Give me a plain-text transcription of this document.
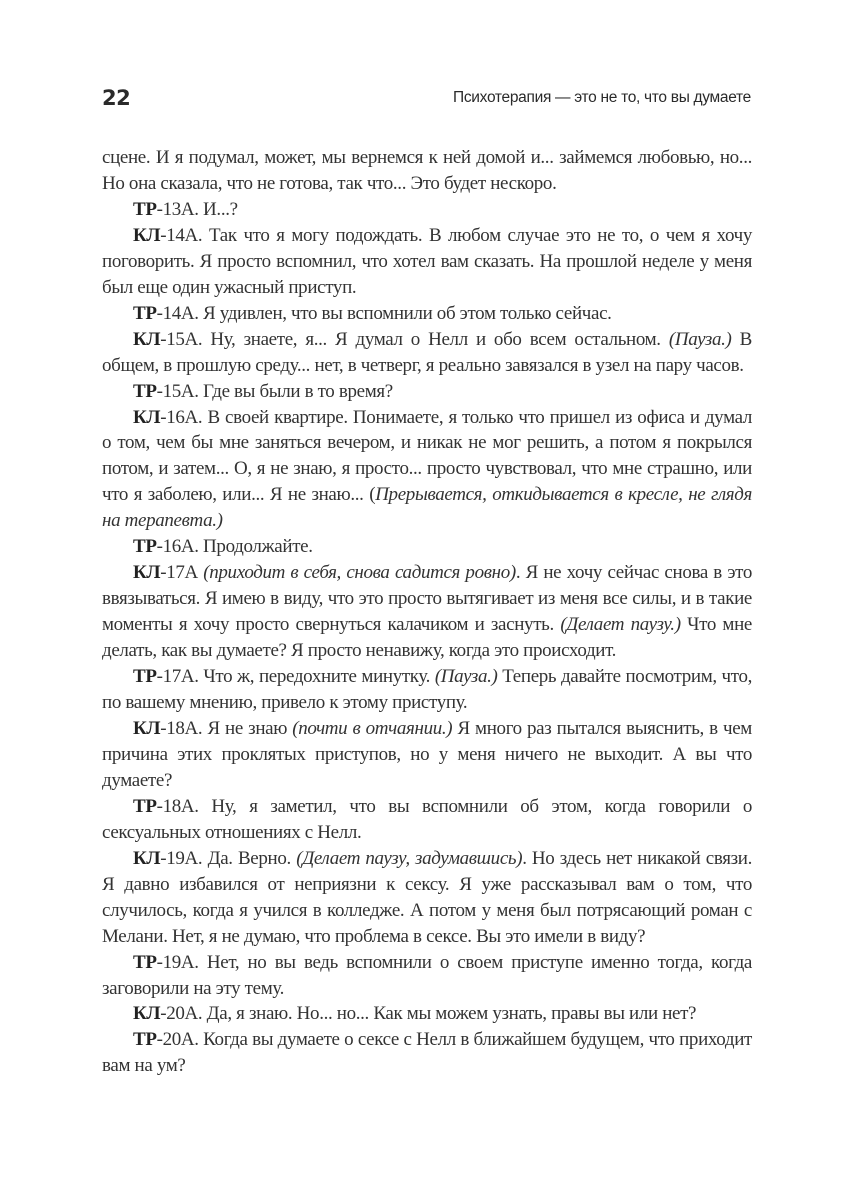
22	Психотерапия — это не то, что вы думаете

сцене. И я подумал, может, мы вернемся к ней домой и... займемся любовью, но... Но она сказала, что не готова, так что... Это будет нескоро.

ТР-13А. И...?

КЛ-14А. Так что я могу подождать. В любом случае это не то, о чем я хочу поговорить. Я просто вспомнил, что хотел вам сказать. На прошлой неделе у меня был еще один ужасный приступ.

ТР-14А. Я удивлен, что вы вспомнили об этом только сейчас.

КЛ-15А. Ну, знаете, я... Я думал о Нелл и обо всем остальном. (Пауза.) В общем, в прошлую среду... нет, в четверг, я реально завязался в узел на пару часов.

ТР-15А. Где вы были в то время?

КЛ-16А. В своей квартире. Понимаете, я только что пришел из офиса и думал о том, чем бы мне заняться вечером, и никак не мог решить, а потом я покрылся потом, и затем... О, я не знаю, я просто... просто чувствовал, что мне страшно, или что я заболею, или... Я не знаю... (Прерывается, откидывается в кресле, не глядя на терапевта.)

ТР-16А. Продолжайте.

КЛ-17А (приходит в себя, снова садится ровно). Я не хочу сейчас снова в это ввязываться. Я имею в виду, что это просто вытягивает из меня все силы, и в такие моменты я хочу просто свернуться калачиком и заснуть. (Делает паузу.) Что мне делать, как вы думаете? Я просто ненавижу, когда это происходит.

ТР-17А. Что ж, передохните минутку. (Пауза.) Теперь давайте посмотрим, что, по вашему мнению, привело к этому приступу.

КЛ-18А. Я не знаю (почти в отчаянии.) Я много раз пытался выяснить, в чем причина этих проклятых приступов, но у меня ничего не выходит. А вы что думаете?

ТР-18А. Ну, я заметил, что вы вспомнили об этом, когда говорили о сексуальных отношениях с Нелл.

КЛ-19А. Да. Верно. (Делает паузу, задумавшись). Но здесь нет никакой связи. Я давно избавился от неприязни к сексу. Я уже рассказывал вам о том, что случилось, когда я учился в колледже. А потом у меня был потрясающий роман с Мелани. Нет, я не думаю, что проблема в сексе. Вы это имели в виду?

ТР-19А. Нет, но вы ведь вспомнили о своем приступе именно тогда, когда заговорили на эту тему.

КЛ-20А. Да, я знаю. Но... но... Как мы можем узнать, правы вы или нет?

ТР-20А. Когда вы думаете о сексе с Нелл в ближайшем будущем, что приходит вам на ум?
